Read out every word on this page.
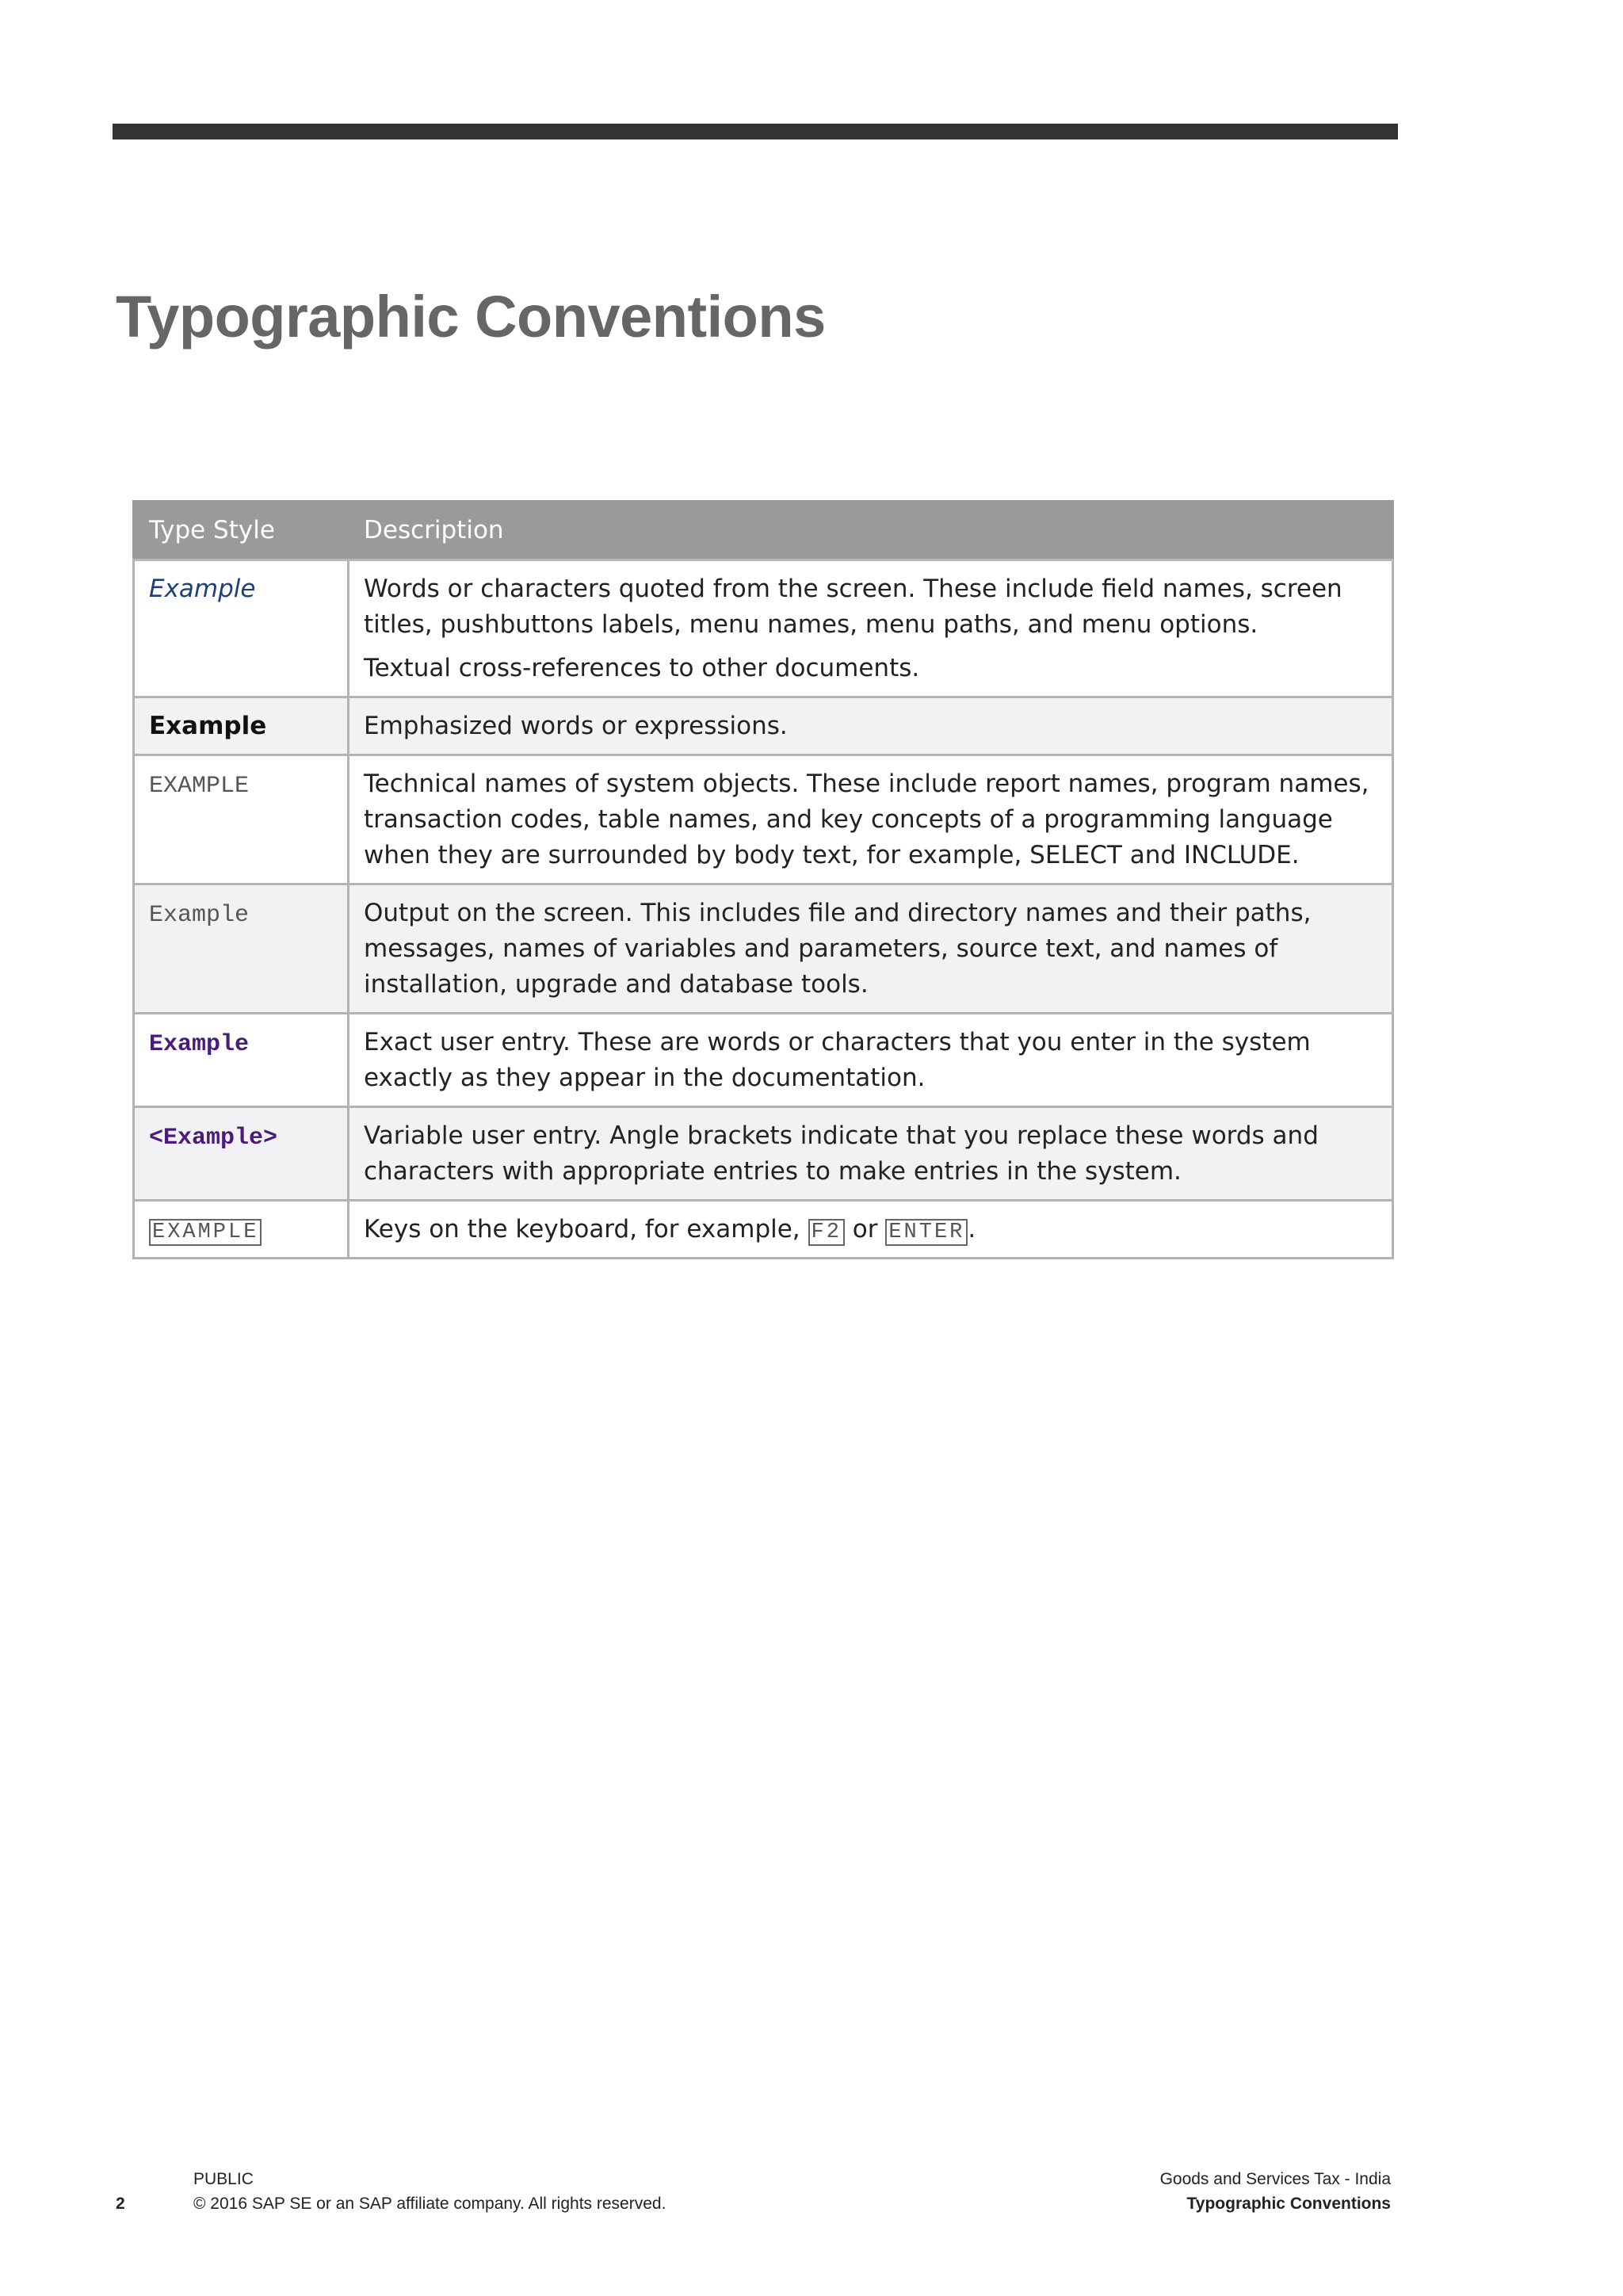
Typographic Conventions
Type Style	Description
Example	Words or characters quoted from the screen. These include field names, screen titles, pushbuttons labels, menu names, menu paths, and menu options.
Textual cross-references to other documents.

Example	Emphasized words or expressions.

EXAMPLE	Technical names of system objects. These include report names, program names, transaction codes, table names, and key concepts of a programming language when they are surrounded by body text, for example, SELECT and INCLUDE.

Example	Output on the screen. This includes file and directory names and their paths, messages, names of variables and parameters, source text, and names of installation, upgrade and database tools.

Example	Exact user entry. These are words or characters that you enter in the system exactly as they appear in the documentation.

<Example>	Variable user entry. Angle brackets indicate that you replace these words and characters with appropriate entries to make entries in the system.

EXAMPLE	Keys on the keyboard, for example, F2 or ENTER .
2
PUBLIC
© 2016 SAP SE or an SAP affiliate company. All rights reserved.
Goods and Services Tax - India
Typographic Conventions
